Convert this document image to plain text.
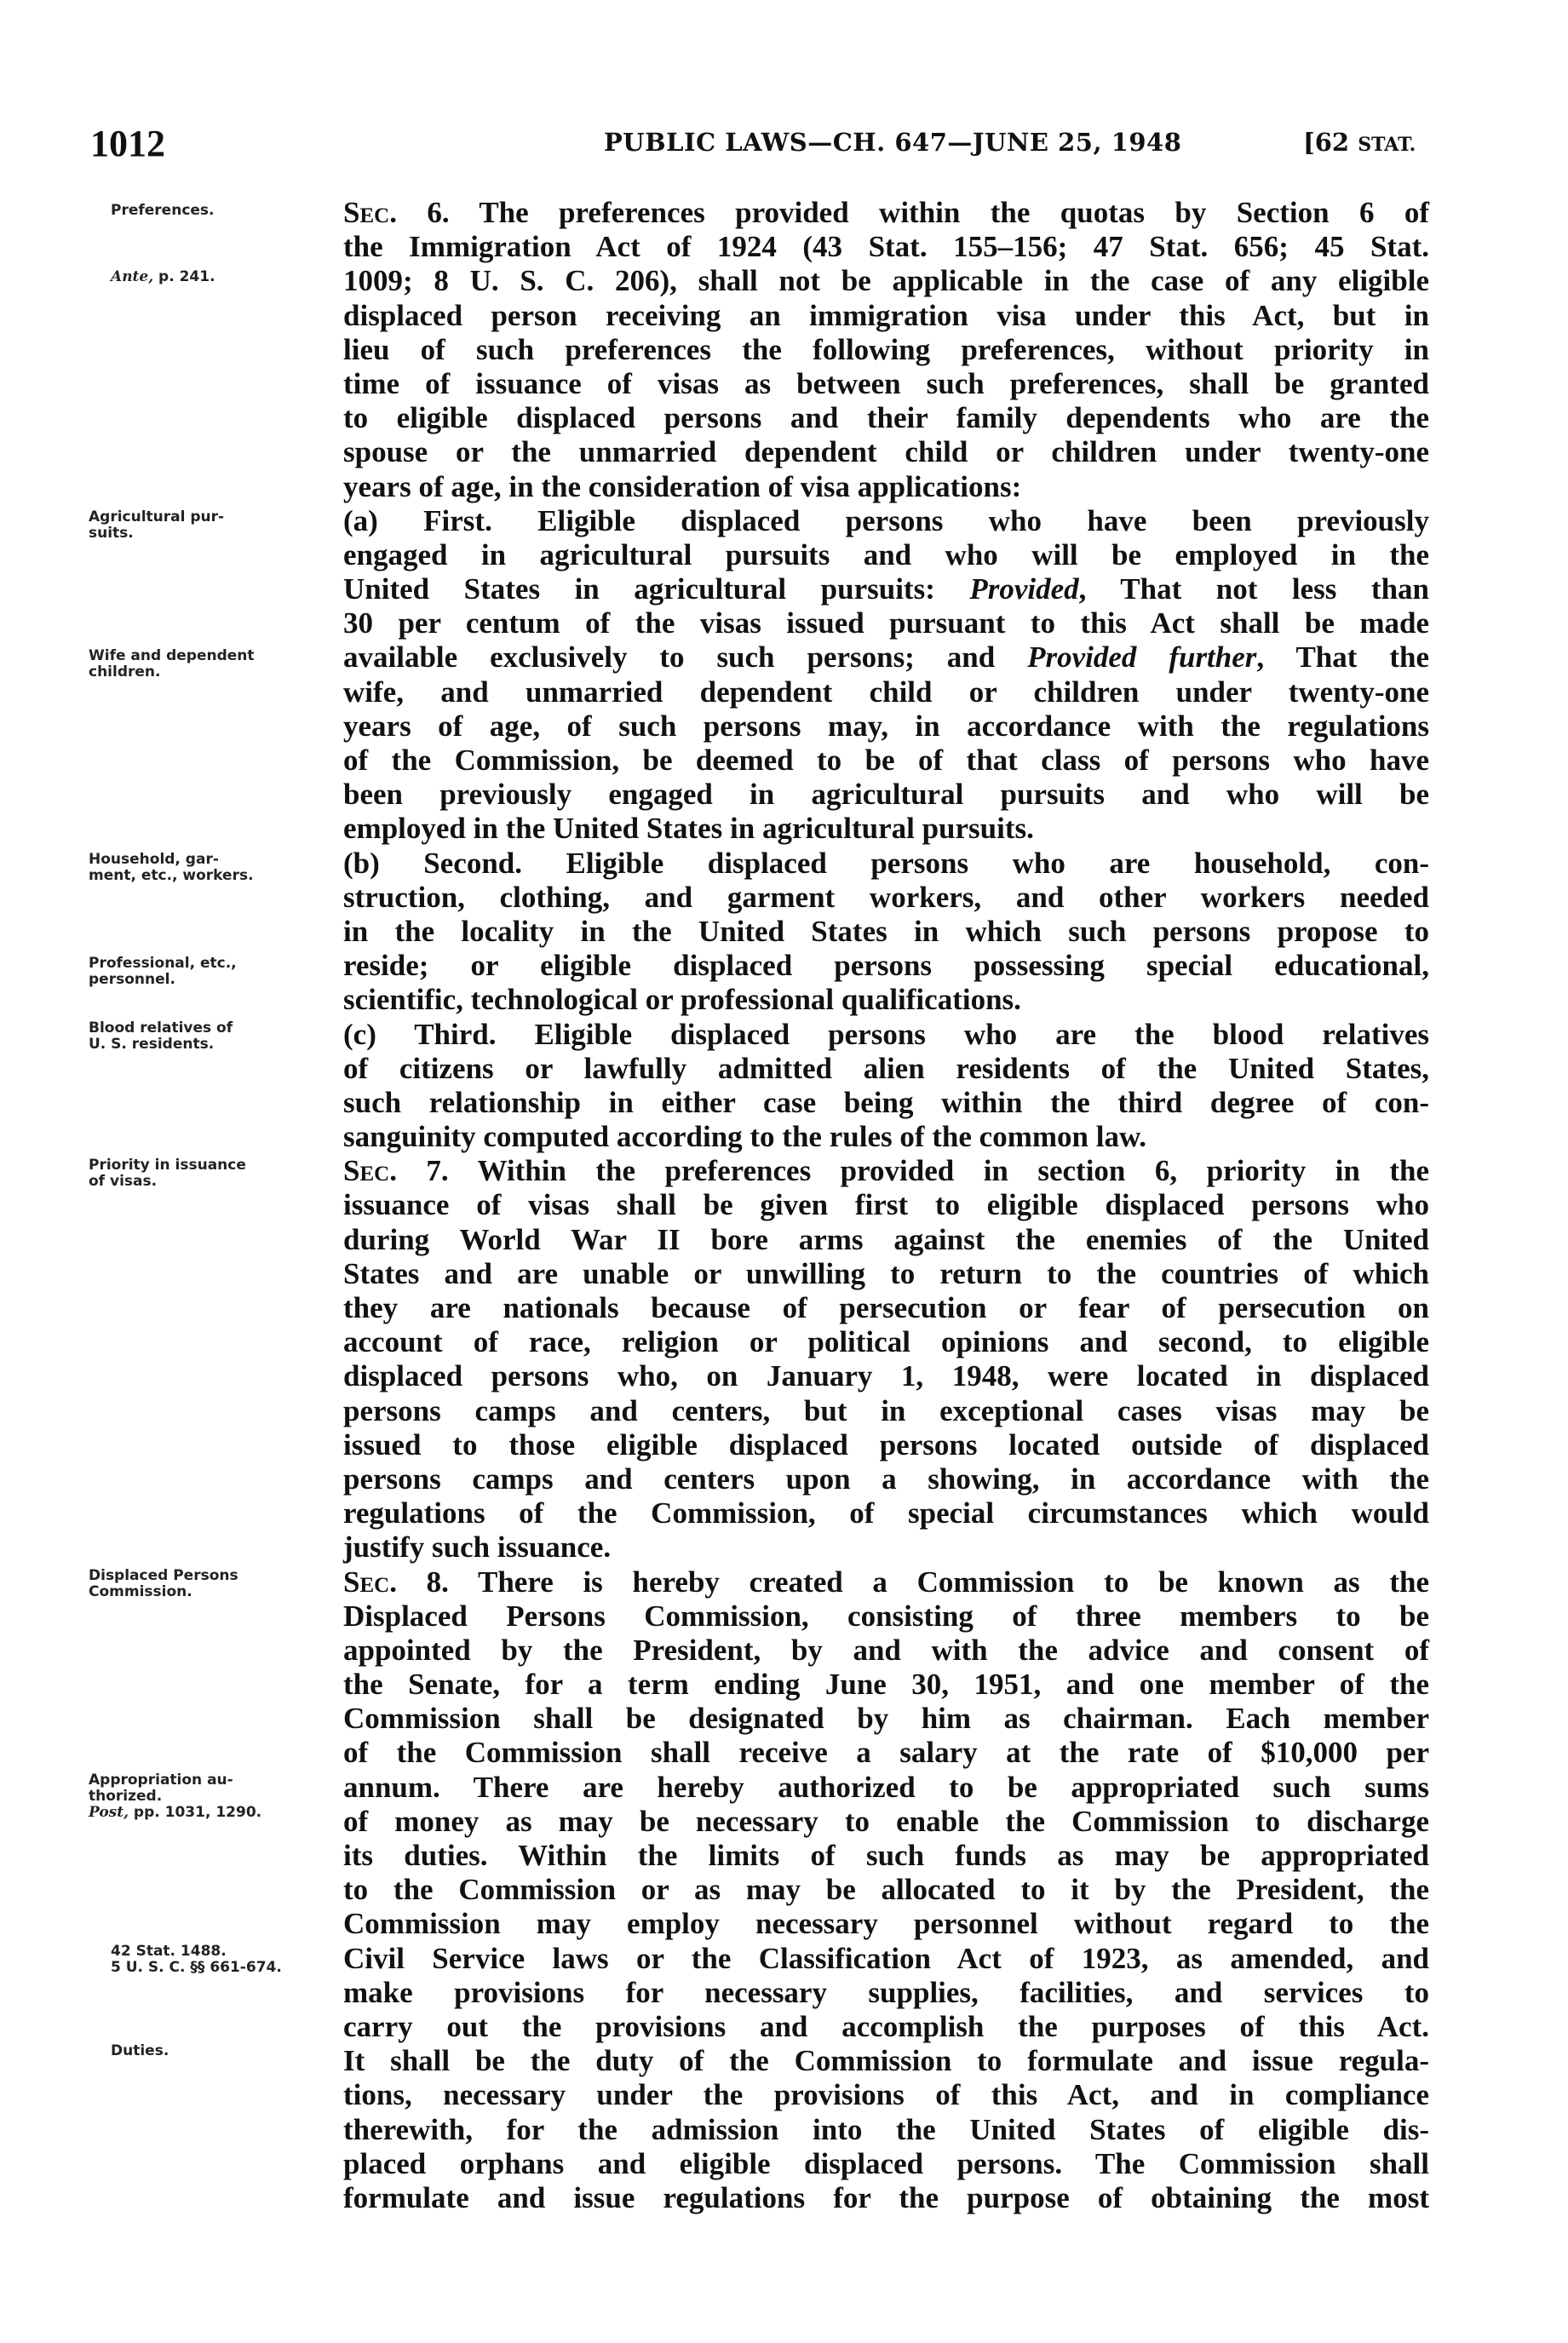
1012	PUBLIC LAWS—CH. 647—JUNE 25, 1948	[62 STAT.
Preferences.
Ante, p. 241.
Agricultural pur-
suits.
Wife and dependent
children.
Household, gar-
ment, etc., workers.
Professional, etc.,
personnel.
Blood relatives of
U. S. residents.
Priority in issuance
of visas.
Displaced Persons
Commission.
Appropriation au-
thorized.
Post, pp. 1031, 1290.
42 Stat. 1488.
5 U. S. C. §§ 661-674.
Duties.
Sec. 6. The preferences provided within the quotas by Section 6 of
the Immigration Act of 1924 (43 Stat. 155–156; 47 Stat. 656; 45 Stat.
1009; 8 U. S. C. 206), shall not be applicable in the case of any eligible
displaced person receiving an immigration visa under this Act, but in
lieu of such preferences the following preferences, without priority in
time of issuance of visas as between such preferences, shall be granted
to eligible displaced persons and their family dependents who are the
spouse or the unmarried dependent child or children under twenty-one
years of age, in the consideration of visa applications:
(a) First. Eligible displaced persons who have been previously
engaged in agricultural pursuits and who will be employed in the
United States in agricultural pursuits: Provided, That not less than
30 per centum of the visas issued pursuant to this Act shall be made
available exclusively to such persons; and Provided further, That the
wife, and unmarried dependent child or children under twenty-one
years of age, of such persons may, in accordance with the regulations
of the Commission, be deemed to be of that class of persons who have
been previously engaged in agricultural pursuits and who will be
employed in the United States in agricultural pursuits.
(b) Second. Eligible displaced persons who are household, con-
struction, clothing, and garment workers, and other workers needed
in the locality in the United States in which such persons propose to
reside; or eligible displaced persons possessing special educational,
scientific, technological or professional qualifications.
(c) Third. Eligible displaced persons who are the blood relatives
of citizens or lawfully admitted alien residents of the United States,
such relationship in either case being within the third degree of con-
sanguinity computed according to the rules of the common law.
Sec. 7. Within the preferences provided in section 6, priority in the
issuance of visas shall be given first to eligible displaced persons who
during World War II bore arms against the enemies of the United
States and are unable or unwilling to return to the countries of which
they are nationals because of persecution or fear of persecution on
account of race, religion or political opinions and second, to eligible
displaced persons who, on January 1, 1948, were located in displaced
persons camps and centers, but in exceptional cases visas may be
issued to those eligible displaced persons located outside of displaced
persons camps and centers upon a showing, in accordance with the
regulations of the Commission, of special circumstances which would
justify such issuance.
Sec. 8. There is hereby created a Commission to be known as the
Displaced Persons Commission, consisting of three members to be
appointed by the President, by and with the advice and consent of
the Senate, for a term ending June 30, 1951, and one member of the
Commission shall be designated by him as chairman. Each member
of the Commission shall receive a salary at the rate of $10,000 per
annum. There are hereby authorized to be appropriated such sums
of money as may be necessary to enable the Commission to discharge
its duties. Within the limits of such funds as may be appropriated
to the Commission or as may be allocated to it by the President, the
Commission may employ necessary personnel without regard to the
Civil Service laws or the Classification Act of 1923, as amended, and
make provisions for necessary supplies, facilities, and services to
carry out the provisions and accomplish the purposes of this Act.
It shall be the duty of the Commission to formulate and issue regula-
tions, necessary under the provisions of this Act, and in compliance
therewith, for the admission into the United States of eligible dis-
placed orphans and eligible displaced persons. The Commission shall
formulate and issue regulations for the purpose of obtaining the most
